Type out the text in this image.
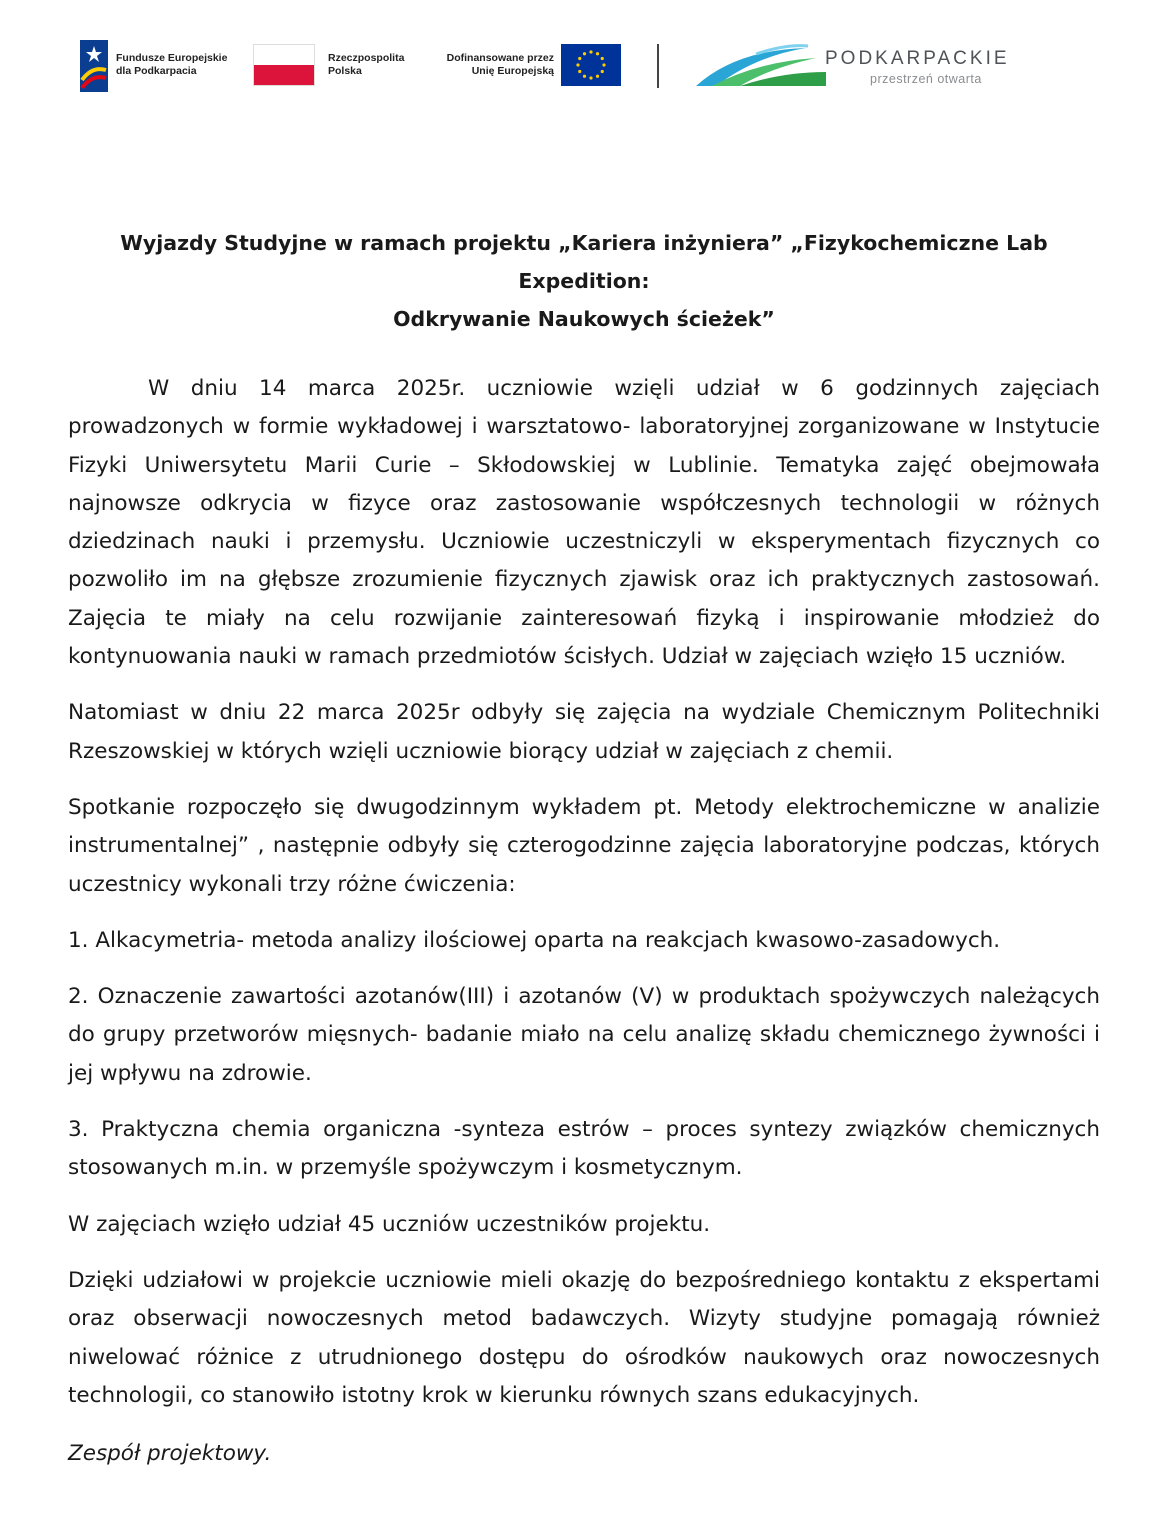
Fundusze Europejskie
dla Podkarpacia
Rzeczpospolita
Polska
Dofinansowane przez
Unię Europejską
PODKARPACKIE
przestrzeń otwarta
Wyjazdy Studyjne w ramach projektu „Kariera inżyniera” „Fizykochemiczne Lab Expedition:
Odkrywanie Naukowych ścieżek”

W dniu 14 marca 2025r. uczniowie wzięli udział w 6 godzinnych zajęciach prowadzonych w formie wykładowej i warsztatowo- laboratoryjnej zorganizowane w Instytucie Fizyki Uniwersytetu Marii Curie – Skłodowskiej w Lublinie. Tematyka zajęć obejmowała najnowsze odkrycia w fizyce oraz zastosowanie współczesnych technologii w różnych dziedzinach nauki i przemysłu. Uczniowie uczestniczyli w eksperymentach fizycznych co pozwoliło im na głębsze zrozumienie fizycznych zjawisk oraz ich praktycznych zastosowań. Zajęcia te miały na celu rozwijanie zainteresowań fizyką i inspirowanie młodzież do kontynuowania nauki w ramach przedmiotów ścisłych. Udział w zajęciach wzięło 15 uczniów.

Natomiast w dniu 22 marca 2025r odbyły się zajęcia na wydziale Chemicznym Politechniki Rzeszowskiej w których wzięli uczniowie biorący udział w zajęciach z chemii.

Spotkanie rozpoczęło się dwugodzinnym wykładem pt. Metody elektrochemiczne w analizie instrumentalnej” , następnie odbyły się czterogodzinne zajęcia laboratoryjne podczas, których uczestnicy wykonali trzy różne ćwiczenia:

1. Alkacymetria- metoda analizy ilościowej oparta na reakcjach kwasowo-zasadowych.

2. Oznaczenie zawartości azotanów(III) i azotanów (V) w produktach spożywczych należących do grupy przetworów mięsnych- badanie miało na celu analizę składu chemicznego żywności i jej wpływu na zdrowie.

3. Praktyczna chemia organiczna -synteza estrów – proces syntezy związków chemicznych stosowanych m.in. w przemyśle spożywczym i kosmetycznym.

W zajęciach wzięło udział 45 uczniów uczestników projektu.

Dzięki udziałowi w projekcie uczniowie mieli okazję do bezpośredniego kontaktu z ekspertami oraz obserwacji nowoczesnych metod badawczych. Wizyty studyjne pomagają również niwelować różnice z utrudnionego dostępu do ośrodków naukowych oraz nowoczesnych technologii, co stanowiło istotny krok w kierunku równych szans edukacyjnych.

Zespół projektowy.
